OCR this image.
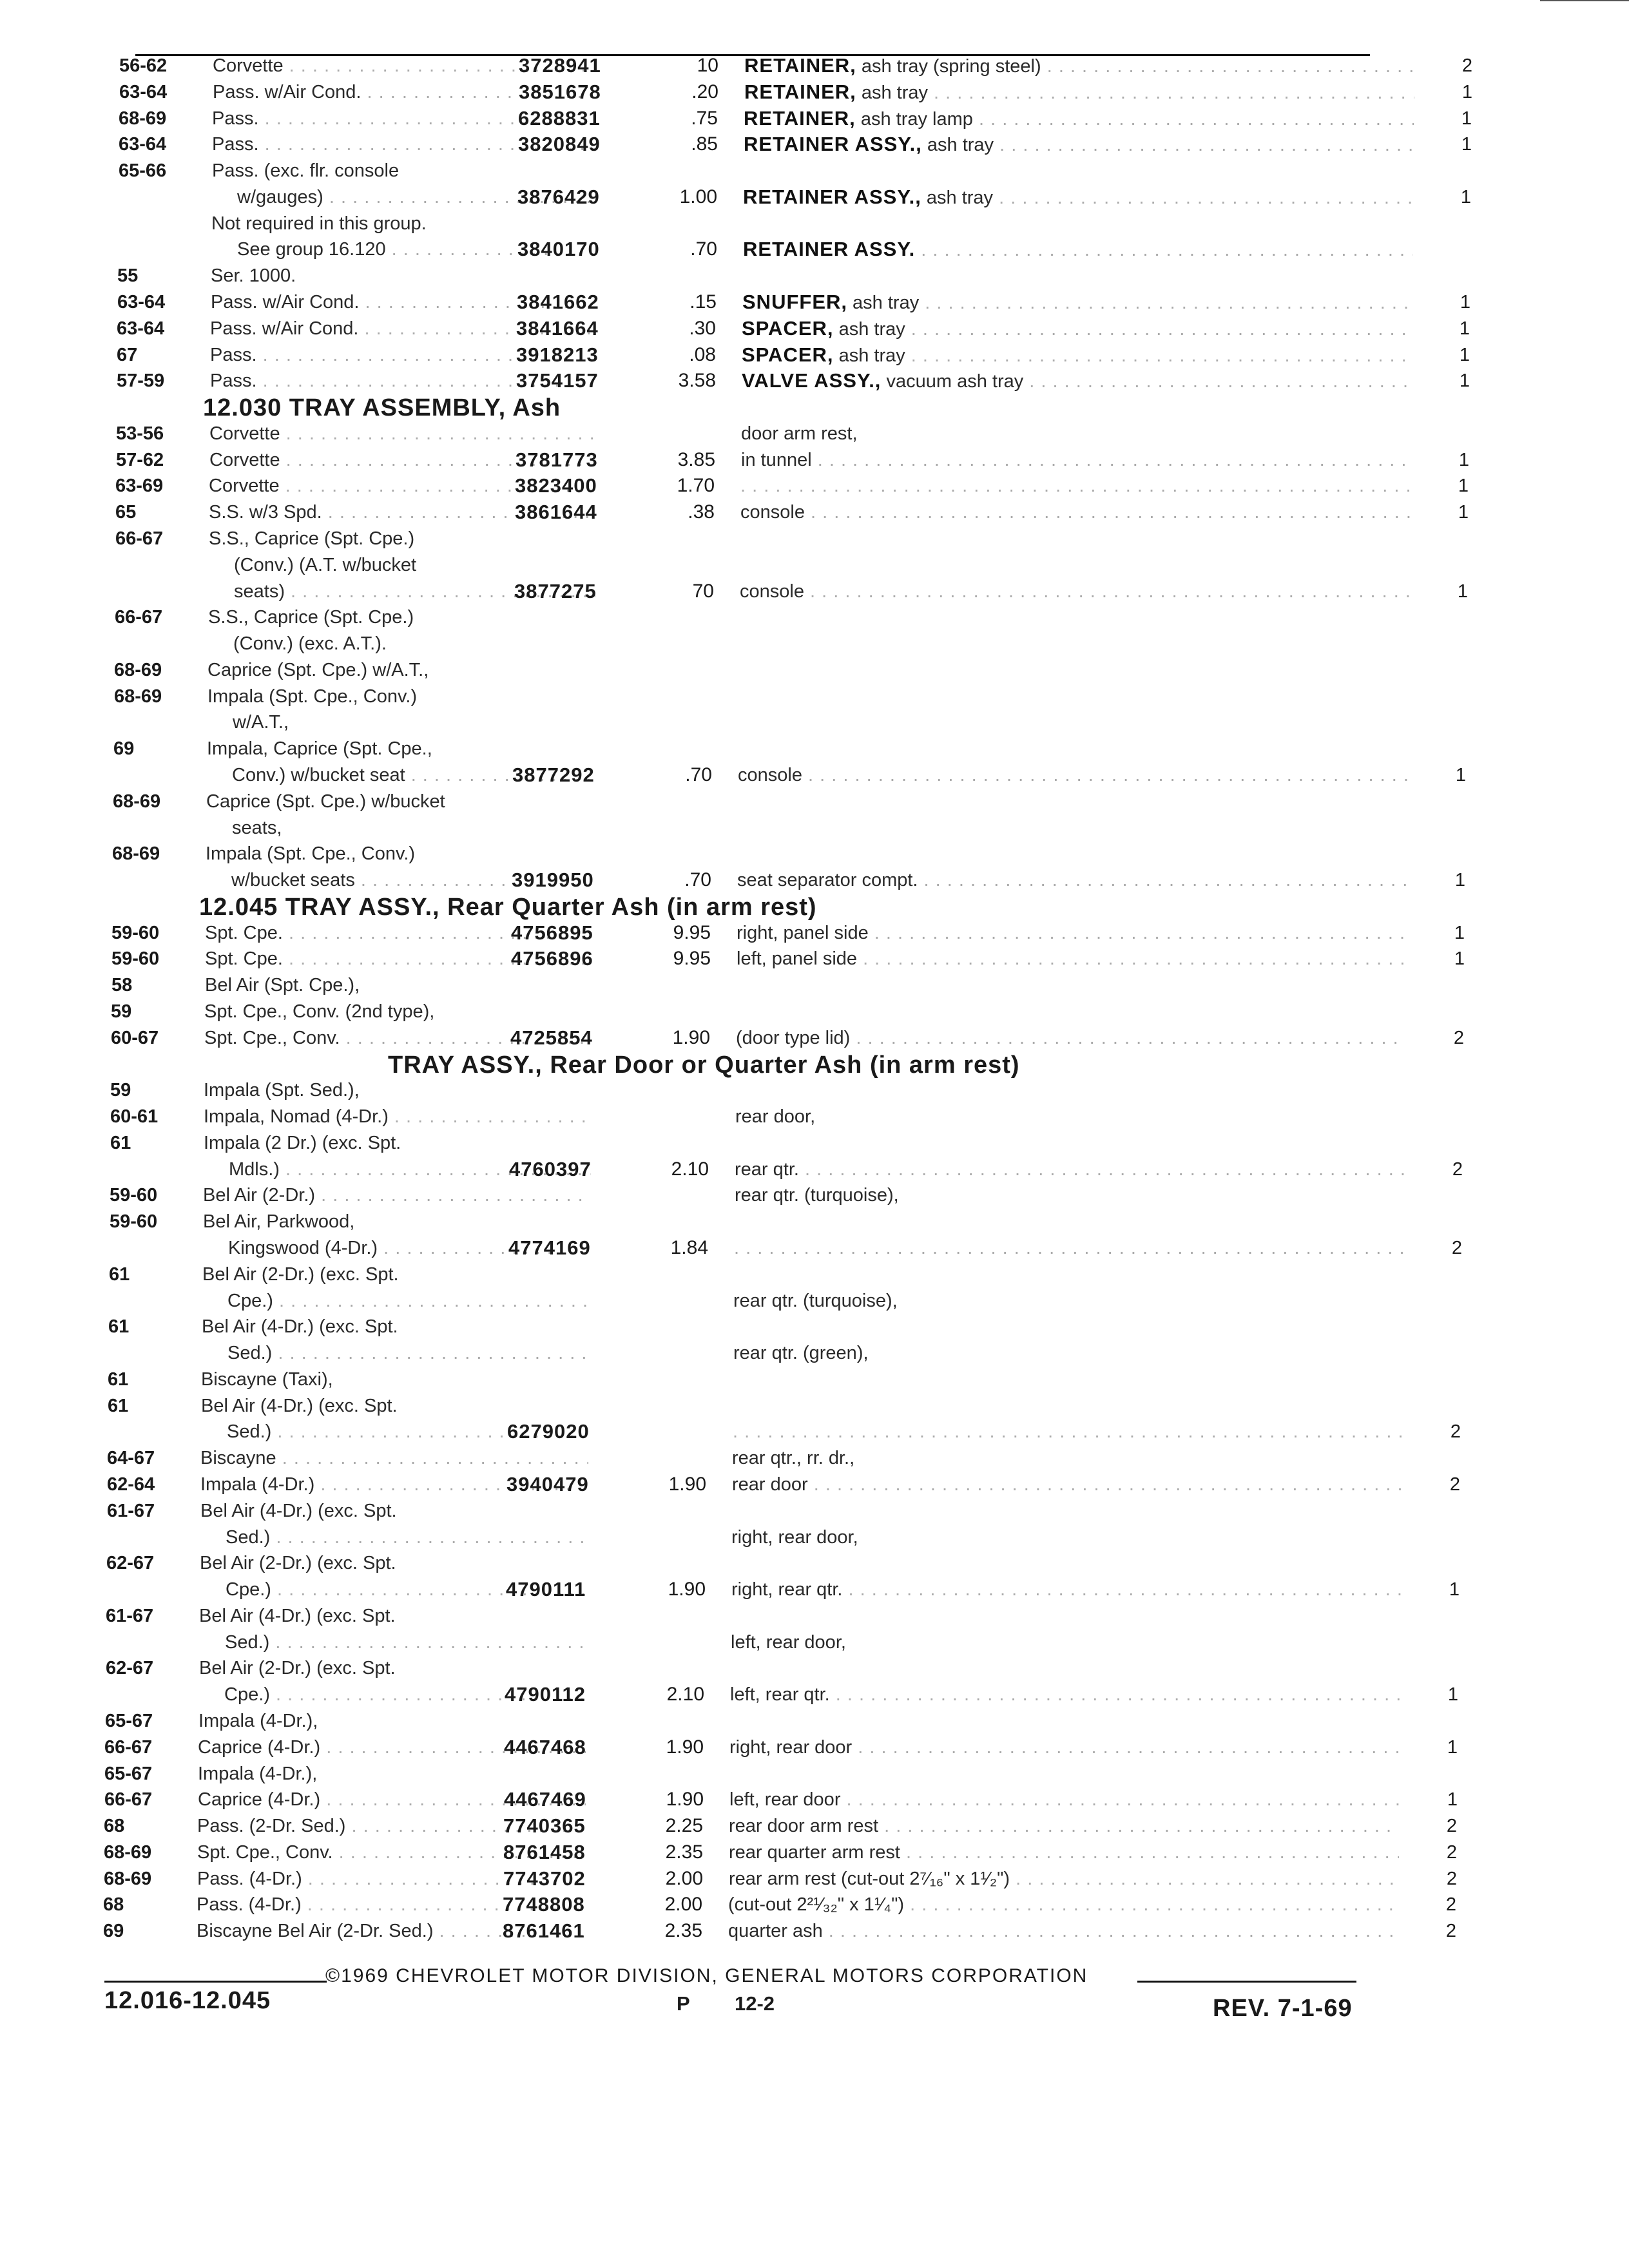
56-62	Corvette . . .	3728941	10 RETAINER, ash tray (spring steel) . . .	2
63-64	Pass. w/Air Cond. . . .	3851678	.20 RETAINER, ash tray . . .	1
68-69	Pass. . . .	6288831	.75 RETAINER, ash tray lamp . . .	1
63-64	Pass. . . .	3820849	.85 RETAINER ASSY., ash tray . . .	1
65-66	Pass. (exc. flr. console
w/gauges) . . .	3876429	1.00 RETAINER ASSY., ash tray . . .	1
Not required in this group.
See group 16.120 . . .	3840170	.70 RETAINER ASSY. . . .
55	Ser. 1000.
63-64	Pass. w/Air Cond. . . .	3841662	.15 SNUFFER, ash tray . . .	1
63-64	Pass. w/Air Cond. . . .	3841664	.30 SPACER, ash tray . . .	1
67	Pass. . . .	3918213	.08 SPACER, ash tray . . .	1
57-59	Pass. . . .	3754157	3.58 VALVE ASSY., vacuum ash tray . . .	1
12.030 TRAY ASSEMBLY, Ash
53-56	Corvette . . .	door arm rest,
57-62	Corvette . . .	3781773	3.85 in tunnel . . .	1
63-69	Corvette . . .	3823400	1.70 . . .	1
65	S.S. w/3 Spd. . . .	3861644	.38 console . . .	1
66-67	S.S., Caprice (Spt. Cpe.)
(Conv.) (A.T. w/bucket
seats) . . .	3877275	70 console . . .	1
66-67	S.S., Caprice (Spt. Cpe.)
(Conv.) (exc. A.T.).
68-69	Caprice (Spt. Cpe.) w/A.T.,
68-69	Impala (Spt. Cpe., Conv.)
w/A.T.,
69	Impala, Caprice (Spt. Cpe.,
Conv.) w/bucket seat . . .	3877292	.70 console . . .	1
68-69	Caprice (Spt. Cpe.) w/bucket
seats,
68-69	Impala (Spt. Cpe., Conv.)
w/bucket seats . . .	3919950	.70 seat separator compt. . . .	1
12.045 TRAY ASSY., Rear Quarter Ash (in arm rest)
59-60	Spt. Cpe. . . .	4756895	9.95 right, panel side . . .	1
59-60	Spt. Cpe. . . .	4756896	9.95 left, panel side . . .	1
58	Bel Air (Spt. Cpe.),
59	Spt. Cpe., Conv. (2nd type),
60-67	Spt. Cpe., Conv. . . .	4725854	1.90 (door type lid) . . .	2
TRAY ASSY., Rear Door or Quarter Ash (in arm rest)
59	Impala (Spt. Sed.),
60-61	Impala, Nomad (4-Dr.) . . .	rear door,
61	Impala (2 Dr.) (exc. Spt.
Mdls.) . . .	4760397	2.10 rear qtr. . . .	2
59-60	Bel Air (2-Dr.) . . .	rear qtr. (turquoise),
59-60	Bel Air, Parkwood,
Kingswood (4-Dr.) . . .	4774169	1.84 . . .	2
61	Bel Air (2-Dr.) (exc. Spt.
Cpe.) . . .	rear qtr. (turquoise),
61	Bel Air (4-Dr.) (exc. Spt.
Sed.) . . .	rear qtr. (green),
61	Biscayne (Taxi),
61	Bel Air (4-Dr.) (exc. Spt.
Sed.) . . .	6279020 . . .	2
64-67	Biscayne . . .	rear qtr., rr. dr.,
62-64	Impala (4-Dr.) . . .	3940479	1.90 rear door . . .	2
61-67	Bel Air (4-Dr.) (exc. Spt.
Sed.) . . .	right, rear door,
62-67	Bel Air (2-Dr.) (exc. Spt.
Cpe.) . . .	4790111	1.90 right, rear qtr. . . .	1
61-67	Bel Air (4-Dr.) (exc. Spt.
Sed.) . . .	left, rear door,
62-67	Bel Air (2-Dr.) (exc. Spt.
Cpe.) . . .	4790112	2.10 left, rear qtr. . . .	1
65-67	Impala (4-Dr.),
66-67	Caprice (4-Dr.) . . .	4467468	1.90 right, rear door . . .	1
65-67	Impala (4-Dr.),
66-67	Caprice (4-Dr.) . . .	4467469	1.90 left, rear door . . .	1
68	Pass. (2-Dr. Sed.) . . .	7740365	2.25 rear door arm rest . . .	2
68-69	Spt. Cpe., Conv. . . .	8761458	2.35 rear quarter arm rest . . .	2
68-69	Pass. (4-Dr.) . . .	7743702	2.00 rear arm rest (cut-out 2⁷⁄₁₆" x 1¹⁄₂") . . .	2
68	Pass. (4-Dr.) . . .	7748808	2.00 (cut-out 2²¹⁄₃₂" x 1¹⁄₄") . . .	2
69	Biscayne Bel Air (2-Dr. Sed.) . . .	8761461	2.35 quarter ash . . .	2
©1969 CHEVROLET MOTOR DIVISION, GENERAL MOTORS CORPORATION
12.016-12.045	P 12-2	REV. 7-1-69
